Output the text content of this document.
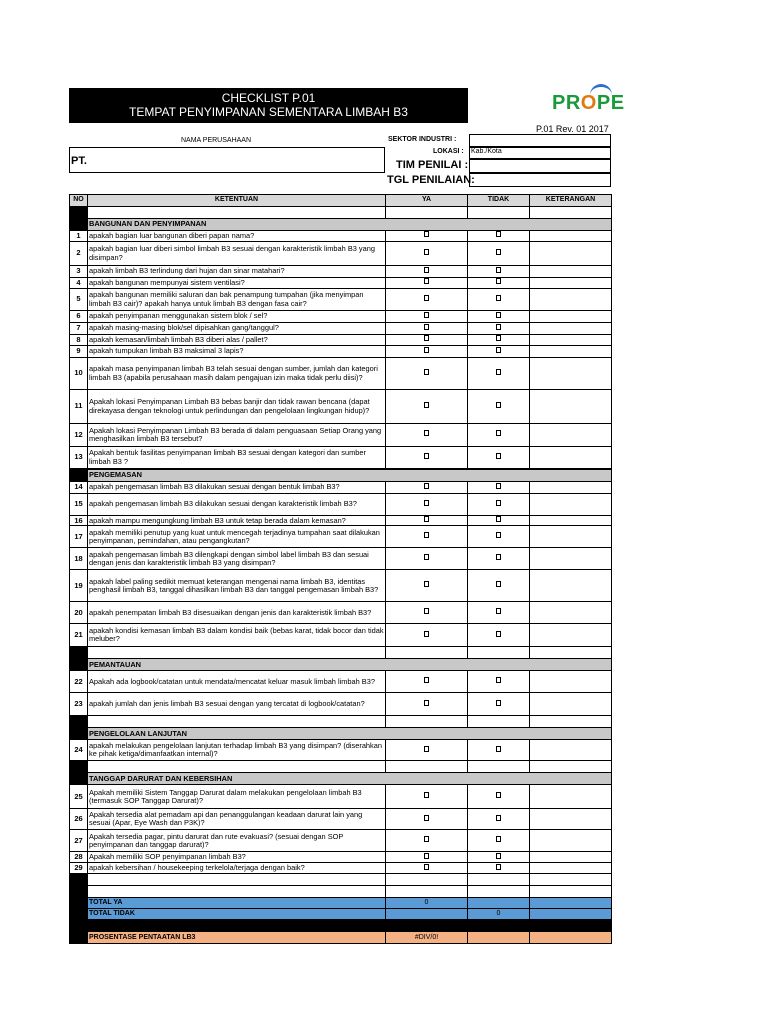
CHECKLIST P.01
TEMPAT PENYIMPANAN SEMENTARA LIMBAH B3	PROPE
P.01 Rev. 01 2017
NAMA PERUSAHAAN
PT.
SEKTOR INDUSTRI :
LOKASI : Kab./Kota
TIM PENILAI :
TGL PENILAIAN:
NO	KETENTUAN	YA	TIDAK	KETERANGAN

	BANGUNAN DAN PENYIMPANAN			
1	apakah bagian luar bangunan diberi papan nama?			
2	apakah bagian luar diberi simbol limbah B3 sesuai dengan karakteristik limbah B3 yang disimpan?			
3	apakah limbah B3 terlindung dari hujan dan sinar matahari?			
4	apakah bangunan mempunyai sistem ventilasi?			
5	apakah bangunan memiliki saluran dan bak penampung tumpahan (jika menyimpan limbah B3 cair)? apakah hanya untuk limbah B3 dengan fasa cair?			
6	apakah penyimpanan menggunakan sistem blok / sel?			
7	apakah masing-masing blok/sel dipisahkan gang/tanggul?			
8	apakah kemasan/limbah limbah B3 diberi alas / pallet?			
9	apakah tumpukan limbah B3 maksimal 3 lapis?			
10	apakah masa penyimpanan limbah B3 telah sesuai dengan sumber, jumlah dan kategori limbah B3 (apabila perusahaan masih dalam pengajuan izin maka tidak perlu diisi)?			
11	Apakah lokasi Penyimpanan Limbah B3 bebas banjir dan tidak rawan bencana (dapat direkayasa dengan teknologi untuk perlindungan dan pengelolaan lingkungan hidup)?			
12	Apakah lokasi Penyimpanan Limbah B3 berada di dalam penguasaan Setiap Orang yang menghasilkan limbah B3 tersebut?			
13	Apakah bentuk fasilitas penyimpanan limbah B3 sesuai dengan kategori dan sumber limbah B3 ?			

	PENGEMASAN			
14	apakah pengemasan limbah B3 dilakukan sesuai dengan bentuk limbah B3?			
15	apakah pengemasan limbah B3 dilakukan sesuai dengan karakteristik limbah B3?			
16	apakah mampu mengungkung limbah B3 untuk tetap berada dalam kemasan?			
17	apakah memiliki penutup yang kuat untuk mencegah terjadinya tumpahan saat dilakukan penyimpanan, pemindahan, atau pengangkutan?			
18	apakah pengemasan limbah B3 dilengkapi dengan simbol label limbah B3 dan sesuai dengan jenis dan karakteristik limbah B3 yang disimpan?			
19	apakah label paling sedikit memuat keterangan mengenai nama limbah B3, identitas penghasil limbah B3, tanggal dihasilkan limbah B3 dan tanggal pengemasan limbah B3?			
20	apakah penempatan limbah B3 disesuaikan dengan jenis dan karakteristik limbah B3?			
21	apakah kondisi kemasan limbah B3 dalam kondisi baik (bebas karat, tidak bocor dan tidak meluber?			

	PEMANTAUAN			
22	Apakah ada logbook/catatan untuk mendata/mencatat keluar masuk limbah limbah B3?			
23	apakah jumlah dan jenis limbah B3 sesuai dengan yang tercatat di logbook/catatan?			

	PENGELOLAAN LANJUTAN			
24	apakah melakukan pengelolaan lanjutan terhadap limbah B3 yang disimpan? (diserahkan ke pihak ketiga/dimanfaatkan internal)?			

	TANGGAP DARURAT DAN KEBERSIHAN			
25	Apakah memiliki Sistem Tanggap Darurat dalam melakukan pengelolaan limbah B3 (termasuk SOP Tanggap Darurat)?			
26	Apakah tersedia alat pemadam api dan penanggulangan keadaan darurat lain yang sesuai (Apar, Eye Wash dan P3K)?			
27	Apakah tersedia pagar, pintu darurat dan rute evakuasi? (sesuai dengan SOP penyimpanan dan tanggap darurat)?			
28	Apakah memiliki SOP penyimpanan limbah B3?			
29	apakah kebersihan / housekeeping terkelola/terjaga dengan baik?			

	TOTAL YA	0		
	TOTAL TIDAK		0	

	PROSENTASE PENTAATAN LB3	#DIV/0!		
